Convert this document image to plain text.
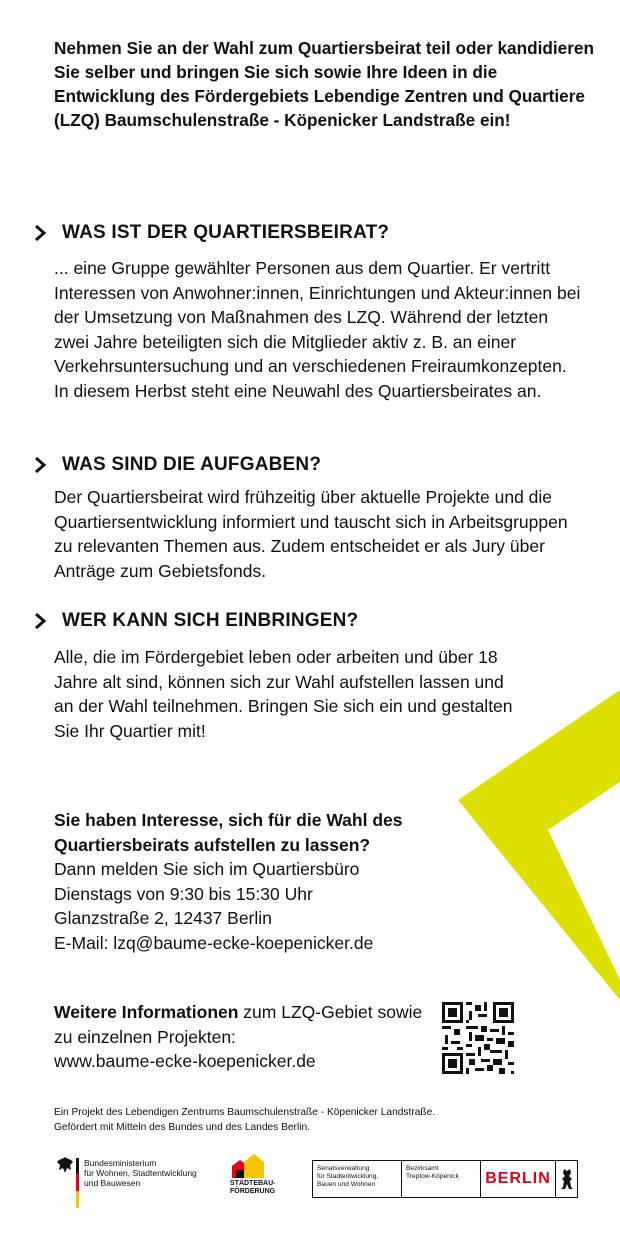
Nehmen Sie an der Wahl zum Quartiersbeirat teil oder kandidieren Sie selber und bringen Sie sich sowie Ihre Ideen in die Entwicklung des Fördergebiets Lebendige Zentren und Quartiere (LZQ) Baumschulenstraße - Köpenicker Landstraße ein!
WAS IST DER QUARTIERSBEIRAT?
... eine Gruppe gewählter Personen aus dem Quartier. Er vertritt Interessen von Anwohner:innen, Einrichtungen und Akteur:innen bei der Umsetzung von Maßnahmen des LZQ. Während der letzten zwei Jahre beteiligten sich die Mitglieder aktiv z. B. an einer Verkehrsuntersuchung und an verschiedenen Freiraumkonzepten. In diesem Herbst steht eine Neuwahl des Quartiersbeirates an.
WAS SIND DIE AUFGABEN?
Der Quartiersbeirat wird frühzeitig über aktuelle Projekte und die Quartiersentwicklung informiert und tauscht sich in Arbeitsgruppen zu relevanten Themen aus. Zudem entscheidet er als Jury über Anträge zum Gebietsfonds.
WER KANN SICH EINBRINGEN?
Alle, die im Fördergebiet leben oder arbeiten und über 18 Jahre alt sind, können sich zur Wahl aufstellen lassen und an der Wahl teilnehmen. Bringen Sie sich ein und gestalten Sie Ihr Quartier mit!
Sie haben Interesse, sich für die Wahl des Quartiersbeirats aufstellen zu lassen?
Dann melden Sie sich im Quartiersbüro
Dienstags von 9:30 bis 15:30 Uhr
Glanzstraße 2, 12437 Berlin
E-Mail: lzq@baume-ecke-koepenicker.de
Weitere Informationen zum LZQ-Gebiet sowie zu einzelnen Projekten:
www.baume-ecke-koepenicker.de
Ein Projekt des Lebendigen Zentrums Baumschulenstraße - Köpenicker Landstraße.
Gefördert mit Mitteln des Bundes und des Landes Berlin.
Bundesministerium
für Wohnen, Stadtentwicklung
und Bauwesen	STÄDTEBAU-
FÖRDERUNG
Senatsverwaltung
für Stadtentwicklung,
Bauen und Wohnen
Bezirksamt
Treptow-Köpenick	BERLIN
